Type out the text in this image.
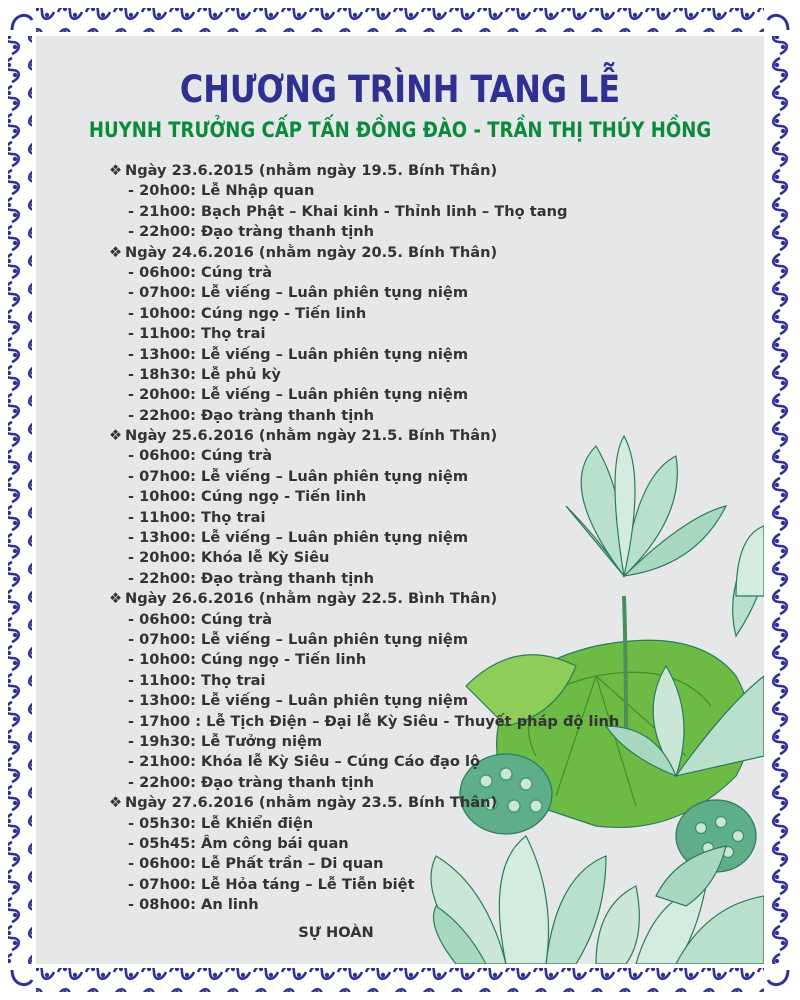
CHƯƠNG TRÌNH TANG LỄ
HUYNH TRƯỞNG CẤP TẤN ĐỒNG ĐÀO - TRẦN THỊ THÚY HỒNG
❖ Ngày 23.6.2015 (nhằm ngày 19.5. Bính Thân)
- 20h00: Lễ Nhập quan
- 21h00: Bạch Phật – Khai kinh - Thỉnh linh – Thọ tang
- 22h00: Đạo tràng thanh tịnh
❖ Ngày 24.6.2016 (nhằm ngày 20.5. Bính Thân)
- 06h00: Cúng trà
- 07h00: Lễ viếng – Luân phiên tụng niệm
- 10h00: Cúng ngọ - Tiến linh
- 11h00: Thọ trai
- 13h00: Lễ viếng – Luân phiên tụng niệm
- 18h30: Lễ phủ kỳ
- 20h00: Lễ viếng – Luân phiên tụng niệm
- 22h00: Đạo tràng thanh tịnh
❖ Ngày 25.6.2016 (nhằm ngày 21.5. Bính Thân)
- 06h00: Cúng trà
- 07h00: Lễ viếng – Luân phiên tụng niệm
- 10h00: Cúng ngọ - Tiến linh
- 11h00: Thọ trai
- 13h00: Lễ viếng – Luân phiên tụng niệm
- 20h00: Khóa lễ Kỳ Siêu
- 22h00: Đạo tràng thanh tịnh
❖ Ngày 26.6.2016 (nhằm ngày 22.5. Bình Thân)
- 06h00: Cúng trà
- 07h00: Lễ viếng – Luân phiên tụng niệm
- 10h00: Cúng ngọ - Tiến linh
- 11h00: Thọ trai
- 13h00: Lễ viếng – Luân phiên tụng niệm
- 17h00 : Lễ Tịch Điện – Đại lễ Kỳ Siêu - Thuyết pháp độ linh
- 19h30: Lễ Tưởng niệm
- 21h00: Khóa lễ Kỳ Siêu – Cúng Cáo đạo lộ
- 22h00: Đạo tràng thanh tịnh
❖ Ngày 27.6.2016 (nhằm ngày 23.5. Bính Thân)
- 05h30: Lễ Khiển điện
- 05h45: Âm công bái quan
- 06h00: Lễ Phất trần – Di quan
- 07h00: Lễ Hỏa táng – Lễ Tiễn biệt
- 08h00: An linh

SỰ HOÀN
